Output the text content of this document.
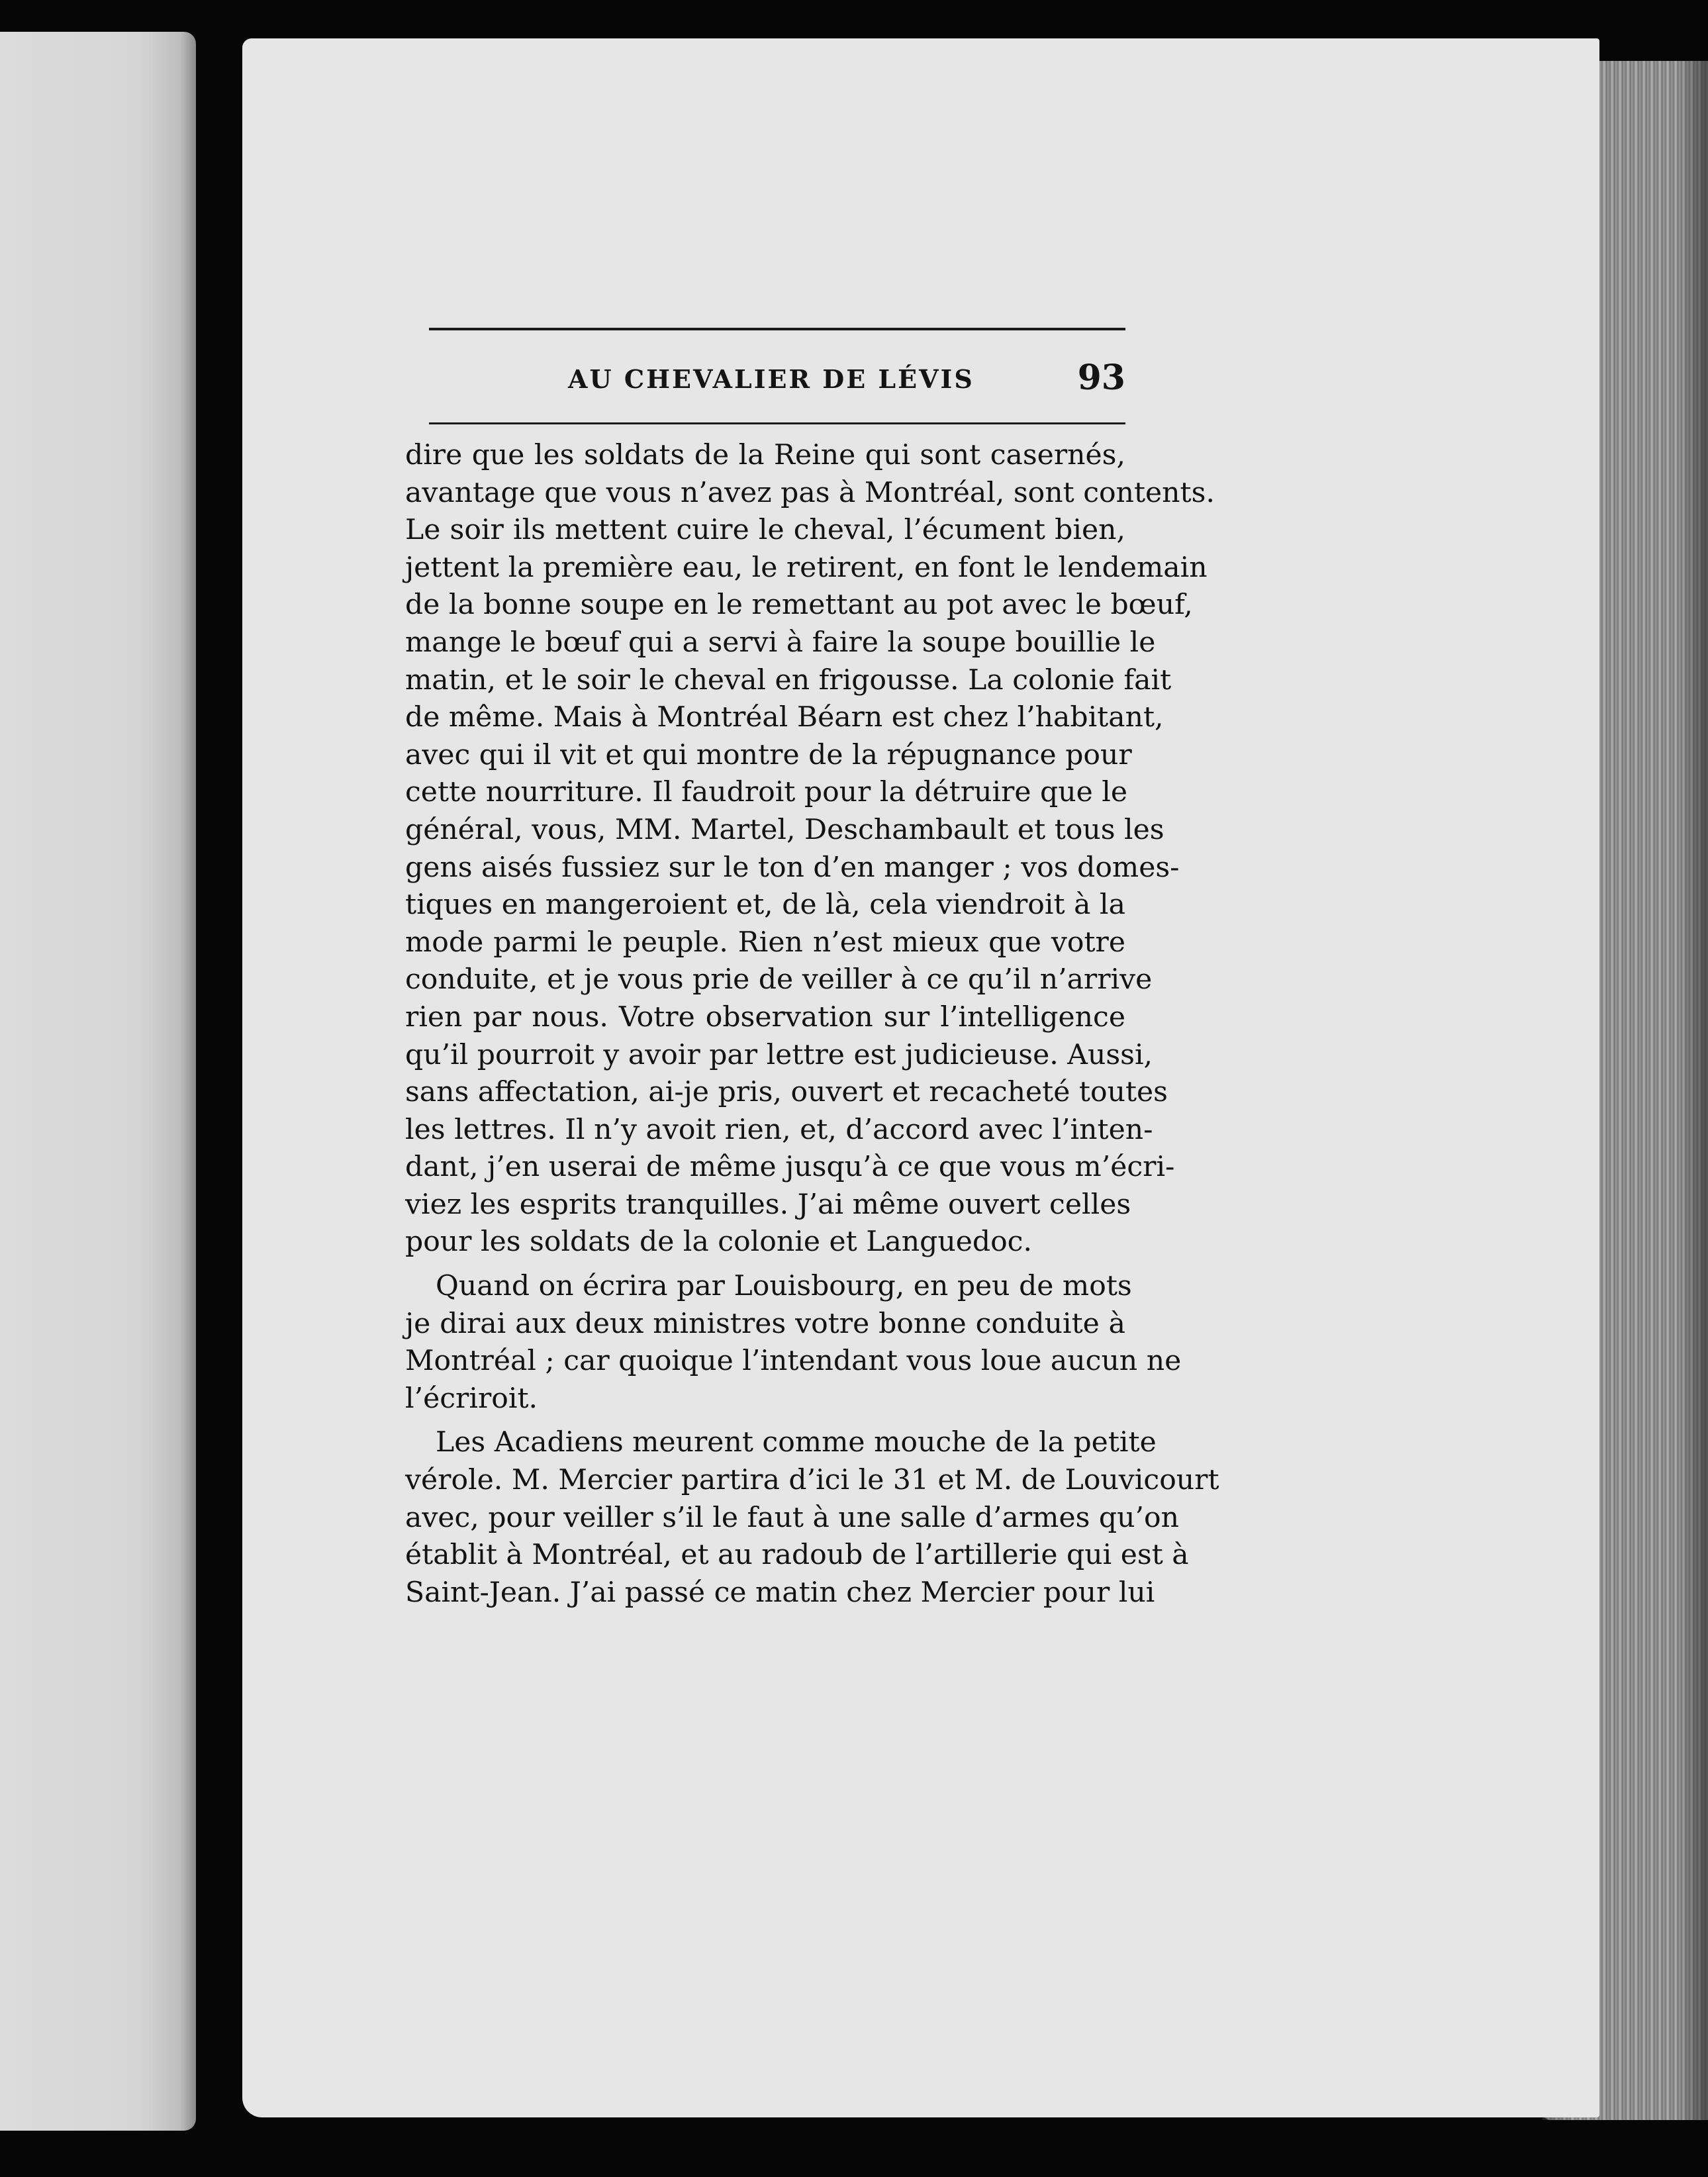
AU CHEVALIER DE LÉVIS	93
dire que les soldats de la Reine qui sont casernés,
avantage que vous n’avez pas à Montréal, sont contents.
Le soir ils mettent cuire le cheval, l’écument bien,
jettent la première eau, le retirent, en font le lendemain
de la bonne soupe en le remettant au pot avec le bœuf,
mange le bœuf qui a servi à faire la soupe bouillie le
matin, et le soir le cheval en frigousse. La colonie fait
de même. Mais à Montréal Béarn est chez l’habitant,
avec qui il vit et qui montre de la répugnance pour
cette nourriture. Il faudroit pour la détruire que le
général, vous, MM. Martel, Deschambault et tous les
gens aisés fussiez sur le ton d’en manger ; vos domes-
tiques en mangeroient et, de là, cela viendroit à la
mode parmi le peuple. Rien n’est mieux que votre
conduite, et je vous prie de veiller à ce qu’il n’arrive
rien par nous. Votre observation sur l’intelligence
qu’il pourroit y avoir par lettre est judicieuse. Aussi,
sans affectation, ai-je pris, ouvert et recacheté toutes
les lettres. Il n’y avoit rien, et, d’accord avec l’inten-
dant, j’en userai de même jusqu’à ce que vous m’écri-
viez les esprits tranquilles. J’ai même ouvert celles
pour les soldats de la colonie et Languedoc.
Quand on écrira par Louisbourg, en peu de mots
je dirai aux deux ministres votre bonne conduite à
Montréal ; car quoique l’intendant vous loue aucun ne
l’écriroit.
Les Acadiens meurent comme mouche de la petite
vérole. M. Mercier partira d’ici le 31 et M. de Louvicourt
avec, pour veiller s’il le faut à une salle d’armes qu’on
établit à Montréal, et au radoub de l’artillerie qui est à
Saint-Jean. J’ai passé ce matin chez Mercier pour lui
